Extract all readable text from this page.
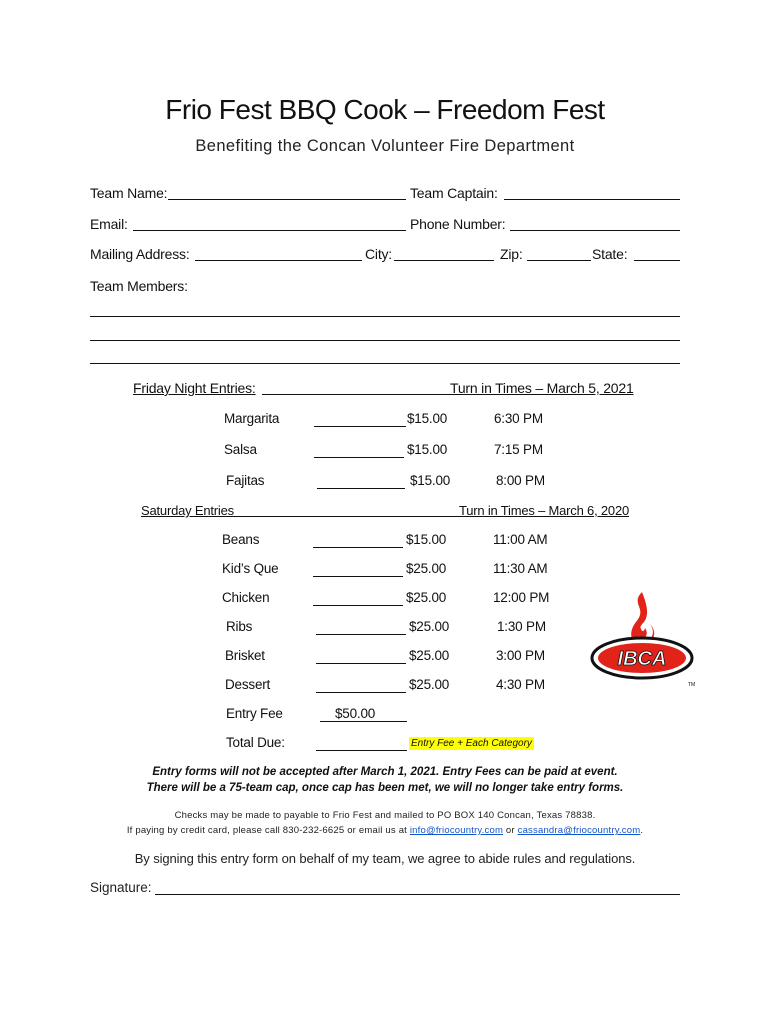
Frio Fest BBQ Cook – Freedom Fest
Benefiting the Concan Volunteer Fire Department
Team Name:	Team Captain:
Email:	Phone Number:
Mailing Address:	City:	Zip:	State:
Team Members:
Friday Night Entries:	Turn in Times – March 5, 2021
Margarita	$15.00	6:30 PM
Salsa	$15.00	7:15 PM
Fajitas	$15.00	8:00 PM
Saturday Entries	Turn in Times – March 6, 2020
Beans	$15.00	11:00 AM
Kid’s Que	$25.00	11:30 AM
Chicken	$25.00	12:00 PM
Ribs	$25.00	1:30 PM
Brisket	$25.00	3:00 PM
Dessert	$25.00	4:30 PM
Entry Fee	$50.00
Total Due:	Entry Fee + Each Category
IBCA
TM
Entry forms will not be accepted after March 1, 2021. Entry Fees can be paid at event.
There will be a 75-team cap, once cap has been met, we will no longer take entry forms.
Checks may be made to payable to Frio Fest and mailed to PO BOX 140 Concan, Texas 78838.
If paying by credit card, please call 830-232-6625 or email us at info@friocountry.com or cassandra@friocountry.com.
By signing this entry form on behalf of my team, we agree to abide rules and regulations.
Signature:
